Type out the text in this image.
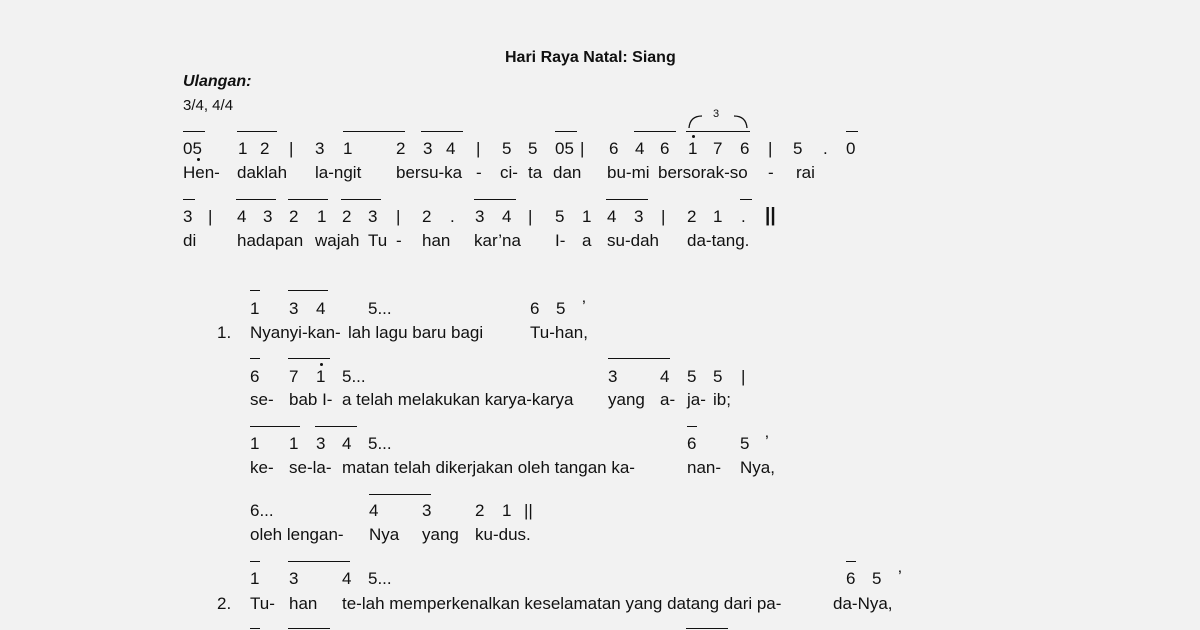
Hari Raya Natal: Siang
Ulangan:
3/4, 4/4
05 1 2 | 3 1	2 3 4 | 5 5 05 | 6 4 6 1 7 6 | 5 . 0
3
Hen- daklah la-ngit bersu-ka - ci- ta dan bu-mi bersorak-so - rai
3 | 4 3 2 1 2 3 | 2 . 3 4 | 5 1 4 3 | 2 1 . ||
di hadapan wajah Tu - han kar’na I- a su-dah da-tang.
1 3 4	5...	6 5 ’
1. Nyanyi-kan- lah lagu baru bagi	Tu-han,
6 7 1 5...	3	4 5 5 |
se- bab I- a telah melakukan karya-karya yang a- ja- ib;
1 1 3 4 5...	6	5 ’
ke- se-la- matan telah dikerjakan oleh tangan ka-	nan- Nya,
6...	4	3	2 1 ||
oleh lengan- Nya yang ku-dus.
1 3	4 5...	6 5 ’
2. Tu- han te-lah memperkenalkan keselamatan yang datang dari pa-	da-Nya,
